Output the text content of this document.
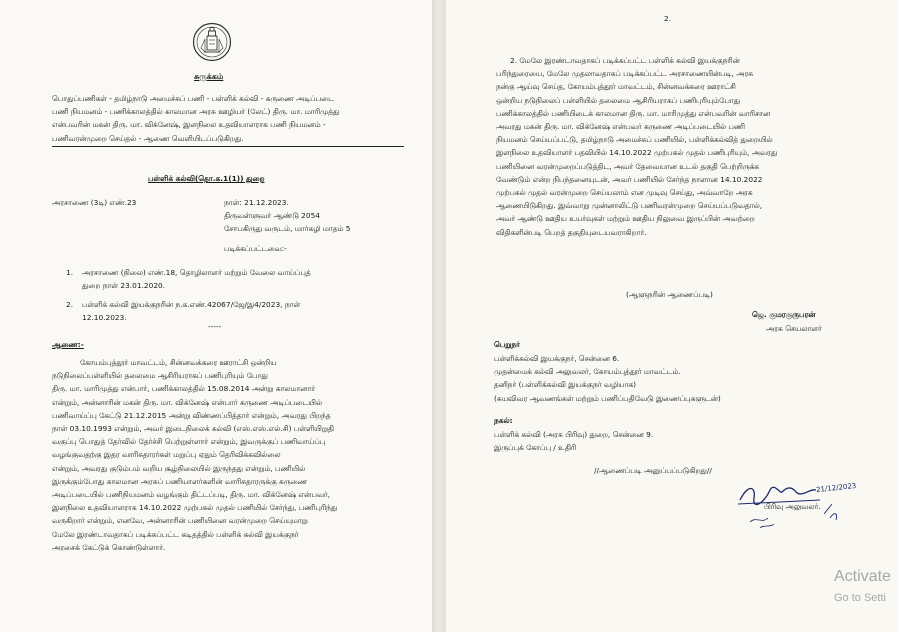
சுருக்கம்

பொதுப்பணிகள் - தமிழ்நாடு அமைச்சுப் பணி - பள்ளிக் கல்வி - கருணை அடிப்படை

பணி நியமனம் - பணிக்காலத்தில் காலமான அரசு ஊழியர் (லேட்) திரு. மா. மாரிமுத்து

என்பவரின் மகன் திரு. மா. விக்னேஷ், இளநிலை உதவியாளராக பணி நியமனம் -

பணிவரன்முறை செய்தல் - ஆணை வெளியிடப்படுகிறது.

பள்ளிக் கல்வி(தொ.க.1(1)) துறை
அரசாணை (3டி) எண்.23	நாள்: 21.12.2023.

திருவள்ளுவர் ஆண்டு 2054

சோபகிருது வருடம், மார்கழி மாதம் 5

படிக்கப்பட்டவை:-
1. அரசாணை (நிலை) எண்.18, தொழிலாளர் மற்றும் வேலை வாய்ப்புத்
துறை நாள் 23.01.2020.
2. பள்ளிக் கல்வி இயக்குநரின் ந.க.எண்.42067/ஜே/இ4/2023, நாள்
12.10.2023.
-----
ஆணை:-

கோயம்புத்தூர் மாவட்டம், சின்னவக்கரை ஊராட்சி ஒன்றிய

நடுநிலைப்பள்ளியில் தலைமை ஆசிரியராகப் பணிபுரியும் போது

திரு. மா. மாரிமுத்து என்பார், பணிக்காலத்தில் 15.08.2014 அன்று காலமானார்

என்றும், அன்னாரின் மகன் திரு. மா. விக்னேஷ் என்பார் கருணை அடிப்படையில்

பணிவாய்ப்பு கேட்டு 21.12.2015 அன்று விண்ணப்பித்தார் என்றும், அவரது பிறந்த

நாள் 03.10.1993 என்றும், அவர் இடைநிலைக் கல்வி (எஸ்.எஸ்.எல்.சி) பள்ளியிறுதி

வகுப்பு பொதுத் தேர்வில் தேர்ச்சி பெற்றுள்ளார் என்றும், இவருக்குப் பணிவாய்ப்பு

வழங்குவதற்கு இதர வாரிசுதாரர்கள் மறுப்பு ஏதும் தெரிவிக்கவில்லை

என்றும், அவரது குடும்பம் வறிய சூழ்நிலையில் இருந்தது என்றும், பணியில்

இருக்கும்போது காலமான அரசுப் பணியாளர்களின் வாரிசுதாரருக்கு கருணை

அடிப்படையில் பணிநியமனம் வழங்கும் திட்டப்படி, திரு. மா. விக்னேஷ் என்பவர்,

இளநிலை உதவியாளராக 14.10.2022 முற்பகல் முதல் பணியில் சேர்ந்து, பணிபுரிந்து

வருகிறார் என்றும், எனவே, அன்னாரின் பணியினை வரன்முறை செய்யுமாறு

மேலே இரண்டாவதாகப் படிக்கப்பட்ட கடிதத்தில் பள்ளிக் கல்வி இயக்குநர்

அரசைக் கேட்டுக் கொண்டுள்ளார்.

2.

2. மேலே இரண்டாவதாகப் படிக்கப்பட்ட பள்ளிக் கல்வி இயக்குநரின்

பரிந்துரையை, மேலே முதலாவதாகப் படிக்கப்பட்ட அரசாணையின்படி, அரசு

நன்கு ஆய்வு செய்த, கோயம்புத்தூர் மாவட்டம், சின்னவக்கரை ஊராட்சி

ஒன்றிய நடுநிலைப் பள்ளியில் தலைமை ஆசிரியராகப் பணிபுரியும்போது

பணிக்காலத்தில் பணியிடைக் காலமான திரு. மா. மாரிமுத்து என்பவரின் வாரிசான

அவரது மகன் திரு. மா. விக்னேஷ் என்பவர் கருணை அடிப்படையில் பணி

நியமனம் செய்யப்பட்டு, தமிழ்நாடு அமைச்சுப் பணியில், பள்ளிக்கல்வித் துறையில்

இளநிலை உதவியாளர் பதவியில் 14.10.2022 முற்பகல் முதல் பணிபுரியும், அவரது

பணியினை வரன்முறைப்படுத்திட, அவர் தேவையான உடல் தகுதி பெற்றிருக்க

வேண்டும் என்ற நிபந்தனையுடன், அவர் பணியில் சேர்ந்த நாளான 14.10.2022

முற்பகல் முதல் வரன்முறை செய்யலாம் என முடிவு செய்து, அவ்வாறே அரசு

ஆணையிடுகிறது. இவ்வாறு முன்னாலிட்டு பணிவரன்முறை செய்யப்படுவதால்,

அவர் ஆண்டு ஊதிய உயர்வுகள் மற்றும் ஊதிய நிலுவை இருப்பின் அவற்றை

விதிகளின்படி பெறத் தகுதியுடையவராகிறார்.

(ஆளுநரின் ஆணைப்படி)
ஜெ. குமரகுருபரன்
அரசு செயலாளர்
பெறுநர்

பள்ளிக்கல்வி இயக்குநர், சென்னை 6.

முதன்மைக் கல்வி அலுவலர், கோயம்புத்தூர் மாவட்டம்.

தனிநர் (பள்ளிக்கல்வி இயக்குநர் வழியாக)

(சுயவிவர ஆவணங்கள் மற்றும் பணிப்பதிவேடு இணைப்புகளுடன்)

நகல்:

பள்ளிக் கல்வி (அரசு பிரிவு) துறை, சென்னை 9.

இருப்புக் கோப்பு / உதிரி

//ஆணைப்படி அனுப்பப்படுகிறது//
21/12/2023
பிரிவு அலுவலர்.
Activate
Go to Setti
